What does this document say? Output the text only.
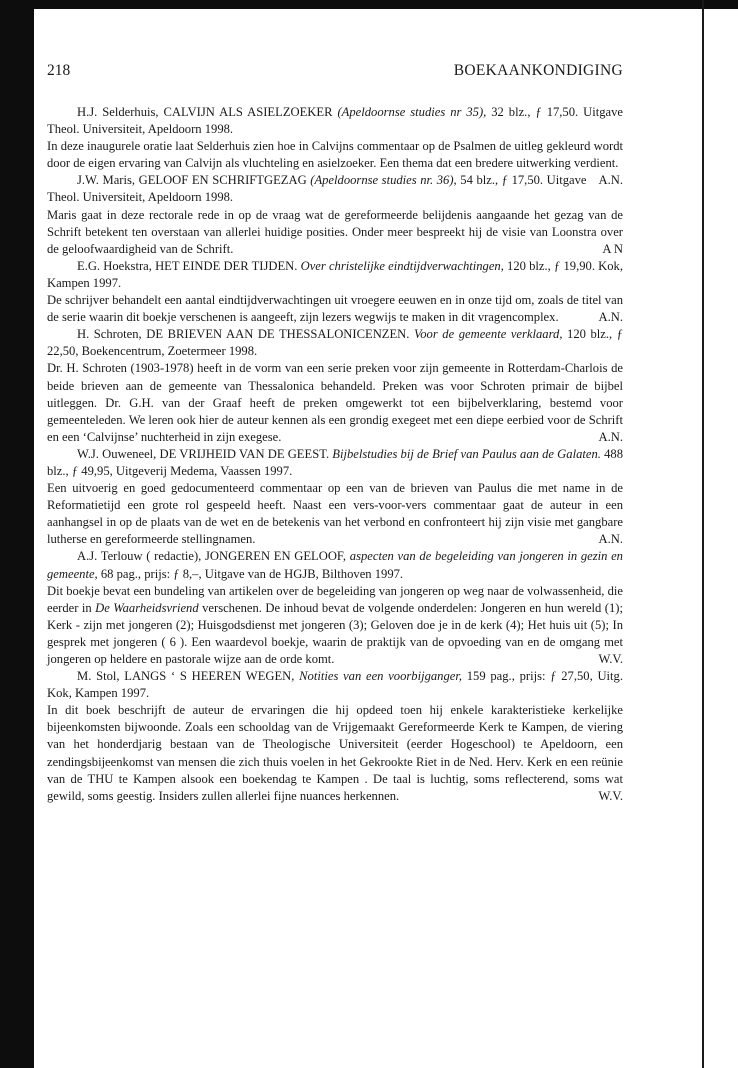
218	BOEKAANKONDIGING
H.J. Selderhuis, CALVIJN ALS ASIELZOEKER (Apeldoornse studies nr 35), 32 blz., ƒ 17,50. Uitgave Theol. Universiteit, Apeldoorn 1998.
In deze inaugurele oratie laat Selderhuis zien hoe in Calvijns commentaar op de Psalmen de uitleg gekleurd wordt door de eigen ervaring van Calvijn als vluchteling en asielzoeker. Een thema dat een bredere uitwerking verdient.
A.N.
J.W. Maris, GELOOF EN SCHRIFTGEZAG (Apeldoornse studies nr. 36), 54 blz., ƒ 17,50. Uitgave Theol. Universiteit, Apeldoorn 1998.
Maris gaat in deze rectorale rede in op de vraag wat de gereformeerde belijdenis aangaande het gezag van de Schrift betekent ten overstaan van allerlei huidige posities. Onder meer bespreekt hij de visie van Loonstra over de geloofwaardigheid van de Schrift.	A N
E.G. Hoekstra, HET EINDE DER TIJDEN. Over christelijke eindtijdverwachtingen, 120 blz., ƒ 19,90. Kok, Kampen 1997.
De schrijver behandelt een aantal eindtijdverwachtingen uit vroegere eeuwen en in onze tijd om, zoals de titel van de serie waarin dit boekje verschenen is aangeeft, zijn lezers wegwijs te maken in dit vragencomplex.	A.N.
H. Schroten, DE BRIEVEN AAN DE THESSALONICENZEN. Voor de gemeente verklaard, 120 blz., ƒ 22,50, Boekencentrum, Zoetermeer 1998.
Dr. H. Schroten (1903-1978) heeft in de vorm van een serie preken voor zijn gemeente in Rotterdam-Charlois de beide brieven aan de gemeente van Thessalonica behandeld. Preken was voor Schroten primair de bijbel uitleggen. Dr. G.H. van der Graaf heeft de preken omgewerkt tot een bijbelverklaring, bestemd voor gemeenteleden. We leren ook hier de auteur kennen als een grondig exegeet met een diepe eerbied voor de Schrift en een ‘Calvijnse’ nuchterheid in zijn exegese.	A.N.
W.J. Ouweneel, DE VRIJHEID VAN DE GEEST. Bijbelstudies bij de Brief van Paulus aan de Galaten. 488 blz., ƒ 49,95, Uitgeverij Medema, Vaassen 1997.
Een uitvoerig en goed gedocumenteerd commentaar op een van de brieven van Paulus die met name in de Reformatietijd een grote rol gespeeld heeft. Naast een vers-voor-vers commentaar gaat de auteur in een aanhangsel in op de plaats van de wet en de betekenis van het verbond en confronteert hij zijn visie met gangbare lutherse en gereformeerde stellingnamen.	A.N.
A.J. Terlouw ( redactie), JONGEREN EN GELOOF, aspecten van de begeleiding van jongeren in gezin en gemeente, 68 pag., prijs: ƒ 8,–, Uitgave van de HGJB, Bilthoven 1997.
Dit boekje bevat een bundeling van artikelen over de begeleiding van jongeren op weg naar de volwassenheid, die eerder in De Waarheidsvriend verschenen. De inhoud bevat de volgende onderdelen: Jongeren en hun wereld (1); Kerk - zijn met jongeren (2); Huisgodsdienst met jongeren (3); Geloven doe je in de kerk (4); Het huis uit (5); In gesprek met jongeren ( 6 ). Een waardevol boekje, waarin de praktijk van de opvoeding van en de omgang met jongeren op heldere en pastorale wijze aan de orde komt.	W.V.
M. Stol, LANGS ‘ S HEEREN WEGEN, Notities van een voorbijganger, 159 pag., prijs: ƒ 27,50, Uitg. Kok, Kampen 1997.
In dit boek beschrijft de auteur de ervaringen die hij opdeed toen hij enkele karakteristieke kerkelijke bijeenkomsten bijwoonde. Zoals een schooldag van de Vrijgemaakt Gereformeerde Kerk te Kampen, de viering van het honderdjarig bestaan van de Theologische Universiteit (eerder Hogeschool) te Apeldoorn, een zendingsbijeenkomst van mensen die zich thuis voelen in het Gekrookte Riet in de Ned. Herv. Kerk en een reünie van de THU te Kampen alsook een boekendag te Kampen . De taal is luchtig, soms reflecterend, soms wat gewild, soms geestig. Insiders zullen allerlei fijne nuances herkennen.	W.V.
